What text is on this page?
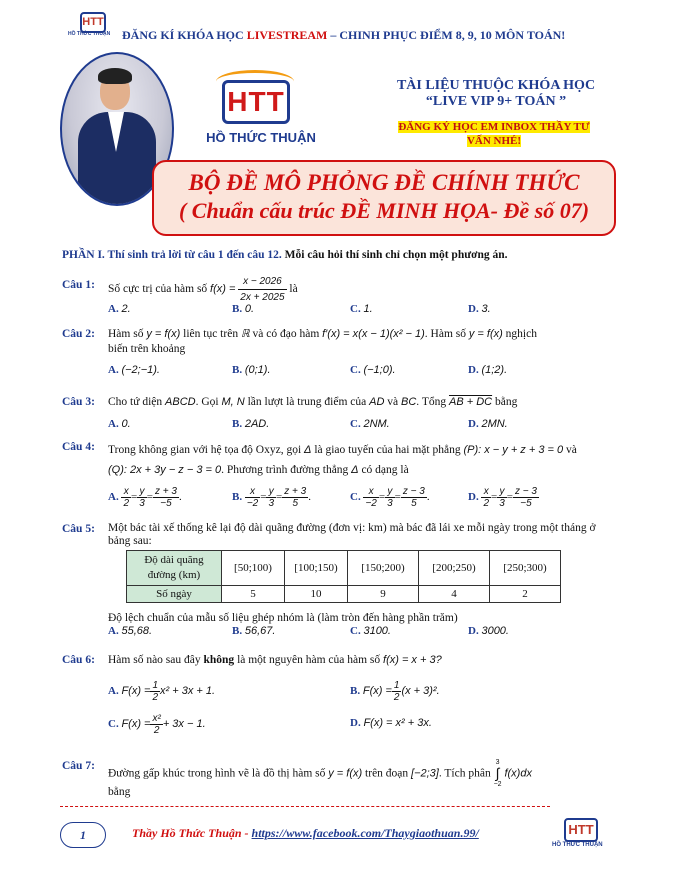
HTT
HỒ THỨC THUẬN ĐĂNG KÍ KHÓA HỌC LIVESTREAM – CHINH PHỤC ĐIỂM 8, 9, 10 MÔN TOÁN!
HTT
HỒ THỨC THUẬN
TÀI LIỆU THUỘC KHÓA HỌC
“LIVE VIP 9+ TOÁN ”
ĐĂNG KÝ HỌC EM INBOX THẦY TƯ
VẤN NHÉ!
BỘ ĐỀ MÔ PHỎNG ĐỀ CHÍNH THỨC
( Chuẩn cấu trúc ĐỀ MINH HỌA- Đề số 07)
PHẦN I. Thí sinh trả lời từ câu 1 đến câu 12. Mỗi câu hỏi thí sinh chỉ chọn một phương án.
Câu 1: Số cực trị của hàm số $f(x) = \frac{x - 2026}{2x + 2025}$ là
A. 2.	B. 0.	C. 1.	D. 3.
Câu 2: Hàm số y = f(x) liên tục trên ℝ và có đạo hàm f′(x) = x(x − 1)(x² − 1). Hàm số y = f(x) nghịch
biến trên khoảng
A. (−2;−1).	B. (0;1).	C. (−1;0).	D. (1;2).
Câu 3: Cho tứ diện ABCD. Gọi M, N lần lượt là trung điểm của AD và BC. Tổng AB + DC bằng
A. 0.	B. 2AD.	C. 2NM.	D. 2MN.
Câu 4: Trong không gian với hệ tọa độ Oxyz, gọi Δ là giao tuyến của hai mặt phẳng (P): x − y + z + 3 = 0 và
(Q): 2x + 3y − z − 3 = 0. Phương trình đường thẳng Δ có dạng là
A. $\frac{x}{2} = \frac{y}{3} = \frac{z + 3}{-5}$ .	B. $\frac{x}{-2} = \frac{y}{3} = \frac{z + 3}{5}$ .	C. $\frac{x}{-2} = \frac{y}{3} = \frac{z - 3}{5}$ .	D. $\frac{x}{2} = \frac{y}{3} = \frac{z - 3}{-5}$
Câu 5: Một bác tài xế thống kê lại độ dài quãng đường (đơn vị: km) mà bác đã lái xe mỗi ngày trong một tháng ở bảng sau:
Độ dài quãng đường (km)	[50;100)	[100;150)	[150;200)	[200;250)	[250;300)
Số ngày	5	10	9	4	2
Độ lệch chuẩn của mẫu số liệu ghép nhóm là (làm tròn đến hàng phần trăm)
A. 55,68.	B. 56,67.	C. 3100.	D. 3000.
Câu 6: Hàm số nào sau đây không là một nguyên hàm của hàm số f(x) = x + 3?
A. $F(x) = \frac{1}{2} x^2 + 3x + 1$.	B. $F(x) = \frac{1}{2} (x + 3)^2$.
C. $F(x) = \frac{\text{x²}}{2} + 3x - 1$.	D. F(x) = x² + 3x.
Câu 7:
Đường gấp khúc trong hình vẽ là đồ thị hàm số y = f(x) trên đoạn [−2;3]. Tích phân 3
∫
−2 f(x)dx
bằng
1	Thầy Hồ Thức Thuận - https://www.facebook.com/Thaygiaothuan.99/	HTT
HỒ THỨC THUẬN
